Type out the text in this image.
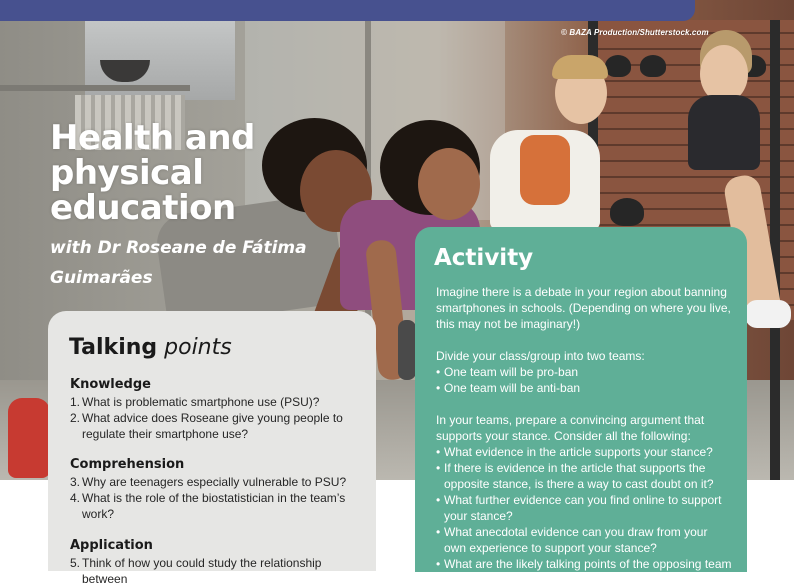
© BAZA Production/Shutterstock.com
Health and
physical
education
with Dr Roseane de Fátima
Guimarães
Talking points
Knowledge
1. What is problematic smartphone use (PSU)?
2. What advice does Roseane give young people to regulate their smartphone use?
Comprehension
3. Why are teenagers especially vulnerable to PSU?
4. What is the role of the biostatistician in the team’s work?
Application
5. Think of how you could study the relationship between
Activity
Imagine there is a debate in your region about banning smartphones in schools. (Depending on where you live, this may not be imaginary!)
Divide your class/group into two teams:
• One team will be pro-ban
• One team will be anti-ban
In your teams, prepare a convincing argument that supports your stance. Consider all the following:
• What evidence in the article supports your stance?
• If there is evidence in the article that supports the opposite stance, is there a way to cast doubt on it?
• What further evidence can you find online to support your stance?
• What anecdotal evidence can you draw from your own experience to support your stance?
• What are the likely talking points of the opposing team
